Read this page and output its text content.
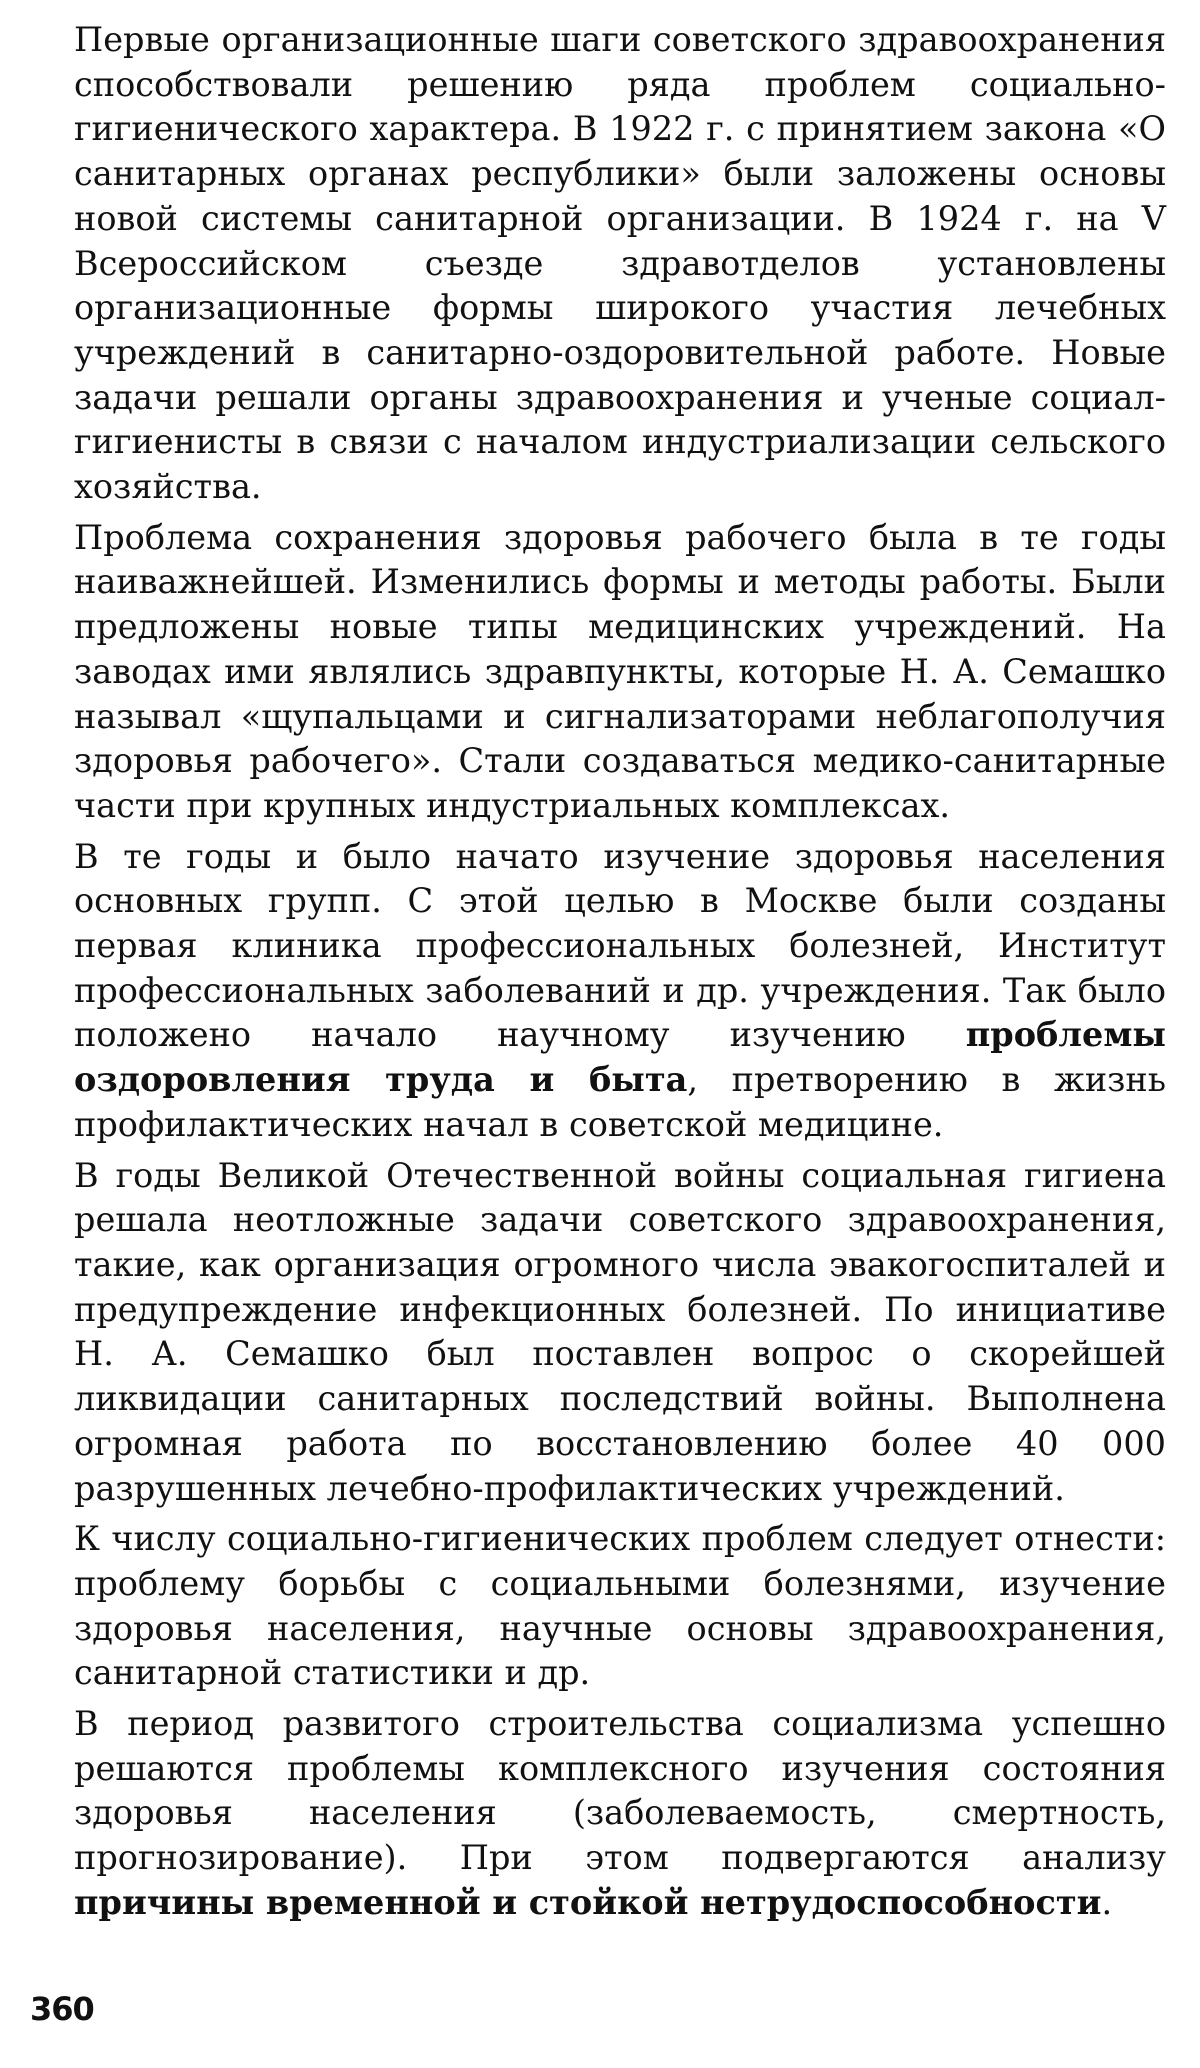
Первые организационные шаги советского здравоохранения способствовали решению ряда проблем социально-гигиенического характера. В 1922 г. с принятием закона «О санитарных органах республики» были заложены основы новой системы санитарной организации. В 1924 г. на V Всероссийском съезде здравотделов установлены организационные формы широкого участия лечебных учреждений в санитарно-оздоровительной работе. Новые задачи решали органы здравоохранения и ученые социал-гигиенисты в связи с началом индустриализации сельского хозяйства.

Проблема сохранения здоровья рабочего была в те годы наиважнейшей. Изменились формы и методы работы. Были предложены новые типы медицинских учреждений. На заводах ими являлись здравпункты, которые Н. А. Семашко называл «щупальцами и сигнализаторами неблагополучия здоровья рабочего». Стали создаваться медико-санитарные части при крупных индустриальных комплексах.

В те годы и было начато изучение здоровья населения основных групп. С этой целью в Москве были созданы первая клиника профессиональных болезней, Институт профессиональных заболеваний и др. учреждения. Так было положено начало научному изучению проблемы оздоровления труда и быта, претворению в жизнь профилактических начал в советской медицине.

В годы Великой Отечественной войны социальная гигиена решала неотложные задачи советского здравоохранения, такие, как организация огромного числа эвакогоспиталей и предупреждение инфекционных болезней. По инициативе Н. А. Семашко был поставлен вопрос о скорейшей ликвидации санитарных последствий войны. Выполнена огромная работа по восстановлению более 40 000 разрушенных лечебно-профилактических учреждений.

К числу социально-гигиенических проблем следует отнести: проблему борьбы с социальными болезнями, изучение здоровья населения, научные основы здравоохранения, санитарной статистики и др.

В период развитого строительства социализма успешно решаются проблемы комплексного изучения состояния здоровья населения (заболеваемость, смертность, прогнозирование). При этом подвергаются анализу причины временной и стойкой нетрудоспособности.

360
